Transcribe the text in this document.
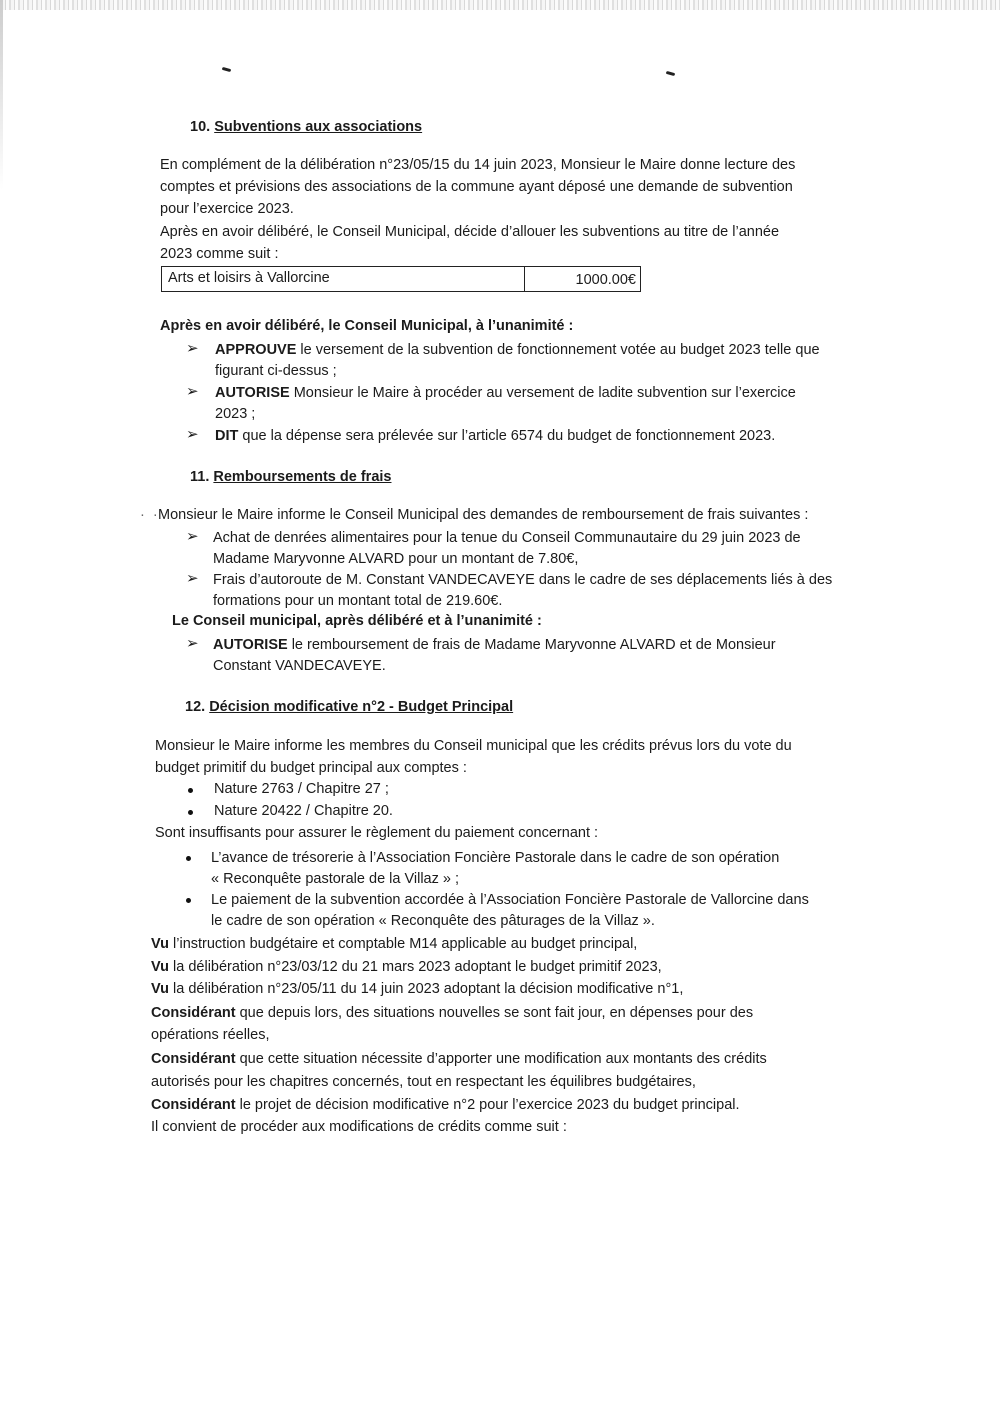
10. Subventions aux associations
En complément de la délibération n°23/05/15 du 14 juin 2023, Monsieur le Maire donne lecture des
comptes et prévisions des associations de la commune ayant déposé une demande de subvention
pour l’exercice 2023.
Après en avoir délibéré, le Conseil Municipal, décide d’allouer les subventions au titre de l’année
2023 comme suit :
Arts et loisirs à Vallorcine	1000.00€
Après en avoir délibéré, le Conseil Municipal, à l’unanimité :
➢ APPROUVE le versement de la subvention de fonctionnement votée au budget 2023 telle que
figurant ci-dessus ;
➢ AUTORISE Monsieur le Maire à procéder au versement de ladite subvention sur l’exercice
2023 ;
➢ DIT que la dépense sera prélevée sur l’article 6574 du budget de fonctionnement 2023.
11. Remboursements de frais
· ·
Monsieur le Maire informe le Conseil Municipal des demandes de remboursement de frais suivantes :
➢ Achat de denrées alimentaires pour la tenue du Conseil Communautaire du 29 juin 2023 de
Madame Maryvonne ALVARD pour un montant de 7.80€,
➢ Frais d’autoroute de M. Constant VANDECAVEYE dans le cadre de ses déplacements liés à des
formations pour un montant total de 219.60€.
Le Conseil municipal, après délibéré et à l’unanimité :
➢ AUTORISE le remboursement de frais de Madame Maryvonne ALVARD et de Monsieur
Constant VANDECAVEYE.
12. Décision modificative n°2 - Budget Principal
Monsieur le Maire informe les membres du Conseil municipal que les crédits prévus lors du vote du
budget primitif du budget principal aux comptes :
Nature 2763 / Chapitre 27 ;
Nature 20422 / Chapitre 20.
Sont insuffisants pour assurer le règlement du paiement concernant :
L’avance de trésorerie à l’Association Foncière Pastorale dans le cadre de son opération
« Reconquête pastorale de la Villaz » ;
Le paiement de la subvention accordée à l’Association Foncière Pastorale de Vallorcine dans
le cadre de son opération « Reconquête des pâturages de la Villaz ».
Vu l’instruction budgétaire et comptable M14 applicable au budget principal,
Vu la délibération n°23/03/12 du 21 mars 2023 adoptant le budget primitif 2023,
Vu la délibération n°23/05/11 du 14 juin 2023 adoptant la décision modificative n°1,
Considérant que depuis lors, des situations nouvelles se sont fait jour, en dépenses pour des
opérations réelles,
Considérant que cette situation nécessite d’apporter une modification aux montants des crédits
autorisés pour les chapitres concernés, tout en respectant les équilibres budgétaires,
Considérant le projet de décision modificative n°2 pour l’exercice 2023 du budget principal.
Il convient de procéder aux modifications de crédits comme suit :
